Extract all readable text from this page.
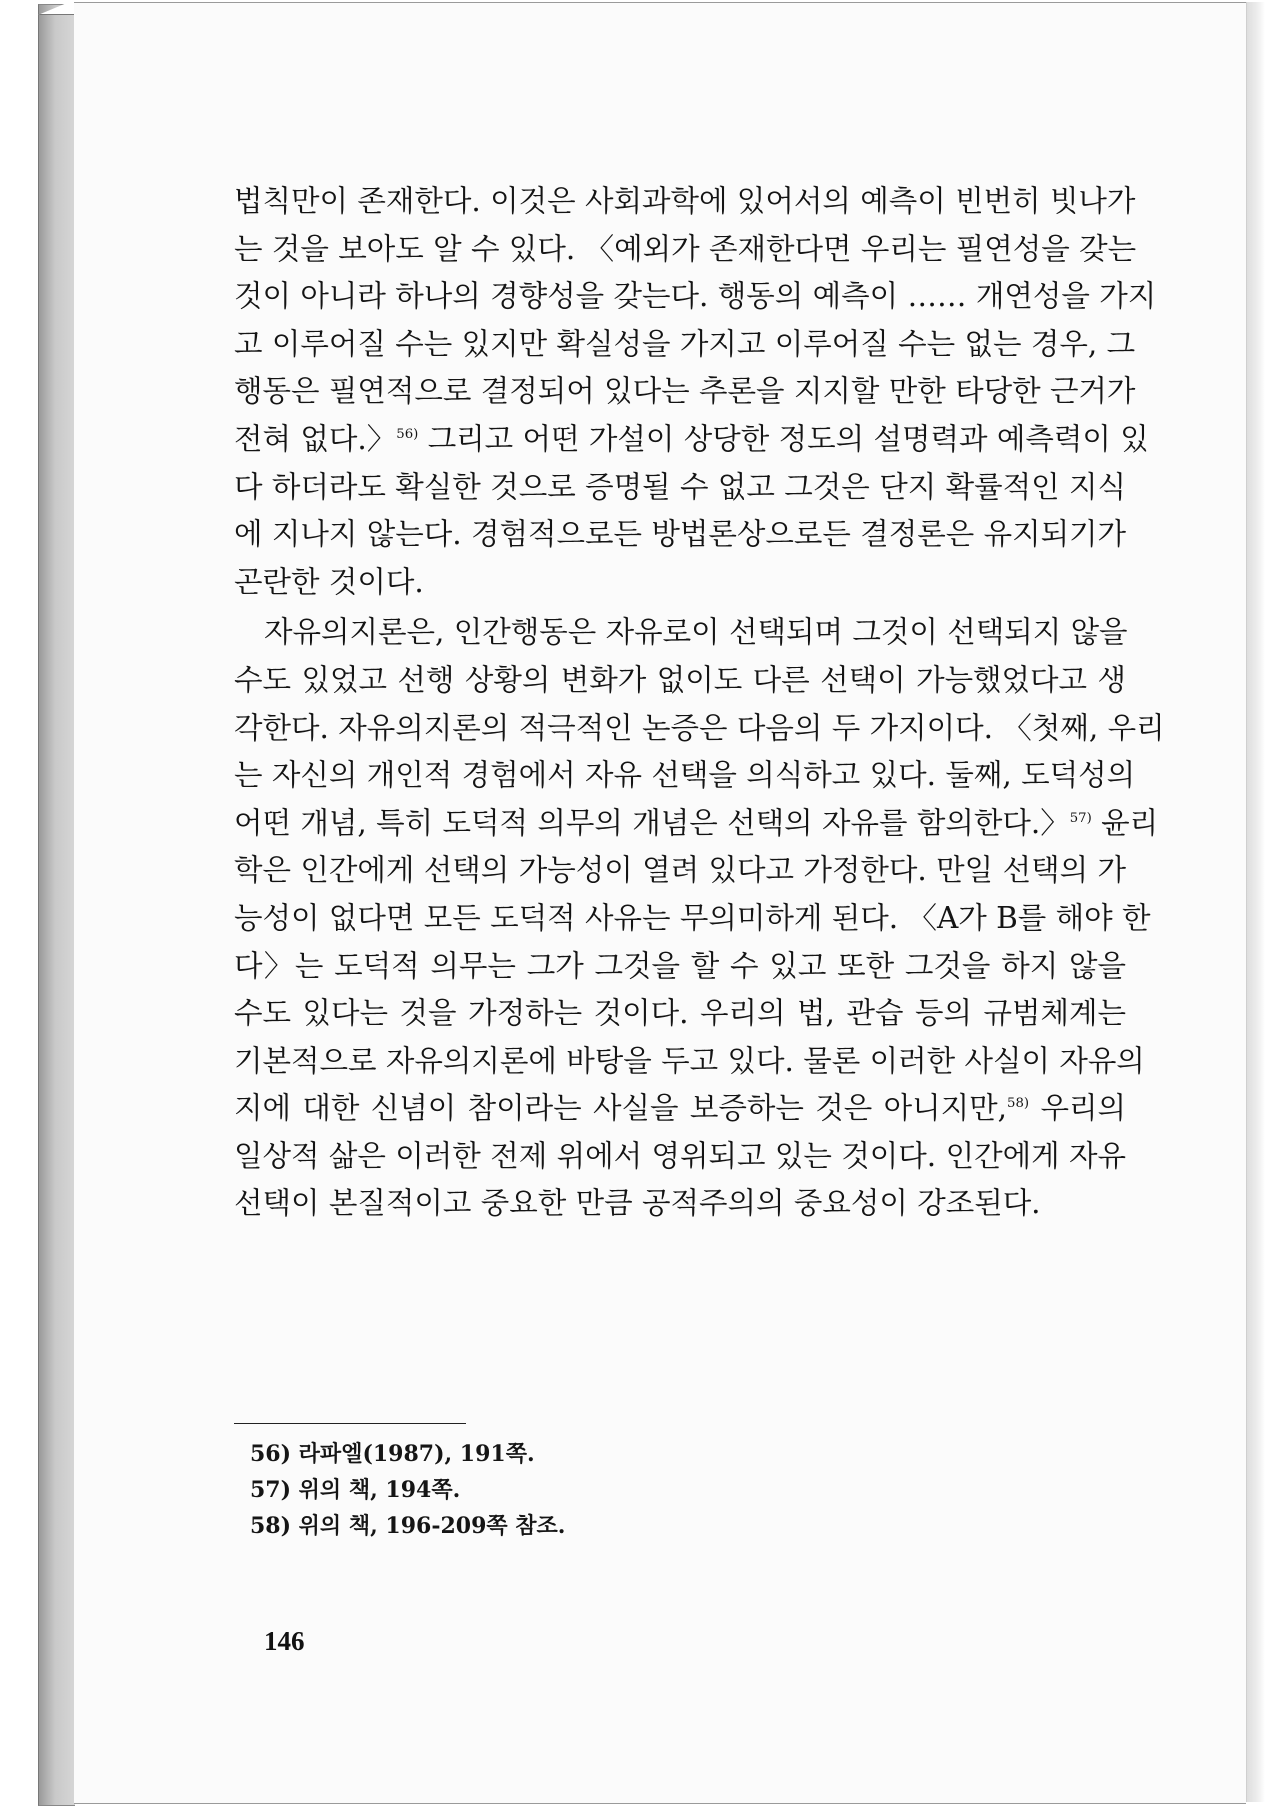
법칙만이 존재한다. 이것은 사회과학에 있어서의 예측이 빈번히 빗나가
는 것을 보아도 알 수 있다. 〈예외가 존재한다면 우리는 필연성을 갖는
것이 아니라 하나의 경향성을 갖는다. 행동의 예측이 …… 개연성을 가지
고 이루어질 수는 있지만 확실성을 가지고 이루어질 수는 없는 경우, 그
행동은 필연적으로 결정되어 있다는 추론을 지지할 만한 타당한 근거가
전혀 없다.〉$^{56)}$ 그리고 어떤 가설이 상당한 정도의 설명력과 예측력이 있
다 하더라도 확실한 것으로 증명될 수 없고 그것은 단지 확률적인 지식
에 지나지 않는다. 경험적으로든 방법론상으로든 결정론은 유지되기가
곤란한 것이다.
자유의지론은, 인간행동은 자유로이 선택되며 그것이 선택되지 않을
수도 있었고 선행 상황의 변화가 없이도 다른 선택이 가능했었다고 생
각한다. 자유의지론의 적극적인 논증은 다음의 두 가지이다. 〈첫째, 우리
는 자신의 개인적 경험에서 자유 선택을 의식하고 있다. 둘째, 도덕성의
어떤 개념, 특히 도덕적 의무의 개념은 선택의 자유를 함의한다.〉$^{57)}$ 윤리
학은 인간에게 선택의 가능성이 열려 있다고 가정한다. 만일 선택의 가
능성이 없다면 모든 도덕적 사유는 무의미하게 된다. 〈A가 B를 해야 한
다〉는 도덕적 의무는 그가 그것을 할 수 있고 또한 그것을 하지 않을
수도 있다는 것을 가정하는 것이다. 우리의 법, 관습 등의 규범체계는
기본적으로 자유의지론에 바탕을 두고 있다. 물론 이러한 사실이 자유의
지에 대한 신념이 참이라는 사실을 보증하는 것은 아니지만,$^{58)}$ 우리의
일상적 삶은 이러한 전제 위에서 영위되고 있는 것이다. 인간에게 자유
선택이 본질적이고 중요한 만큼 공적주의의 중요성이 강조된다.
56) 라파엘(1987), 191쪽.
57) 위의 책, 194쪽.
58) 위의 책, 196-209쪽 참조.
146
